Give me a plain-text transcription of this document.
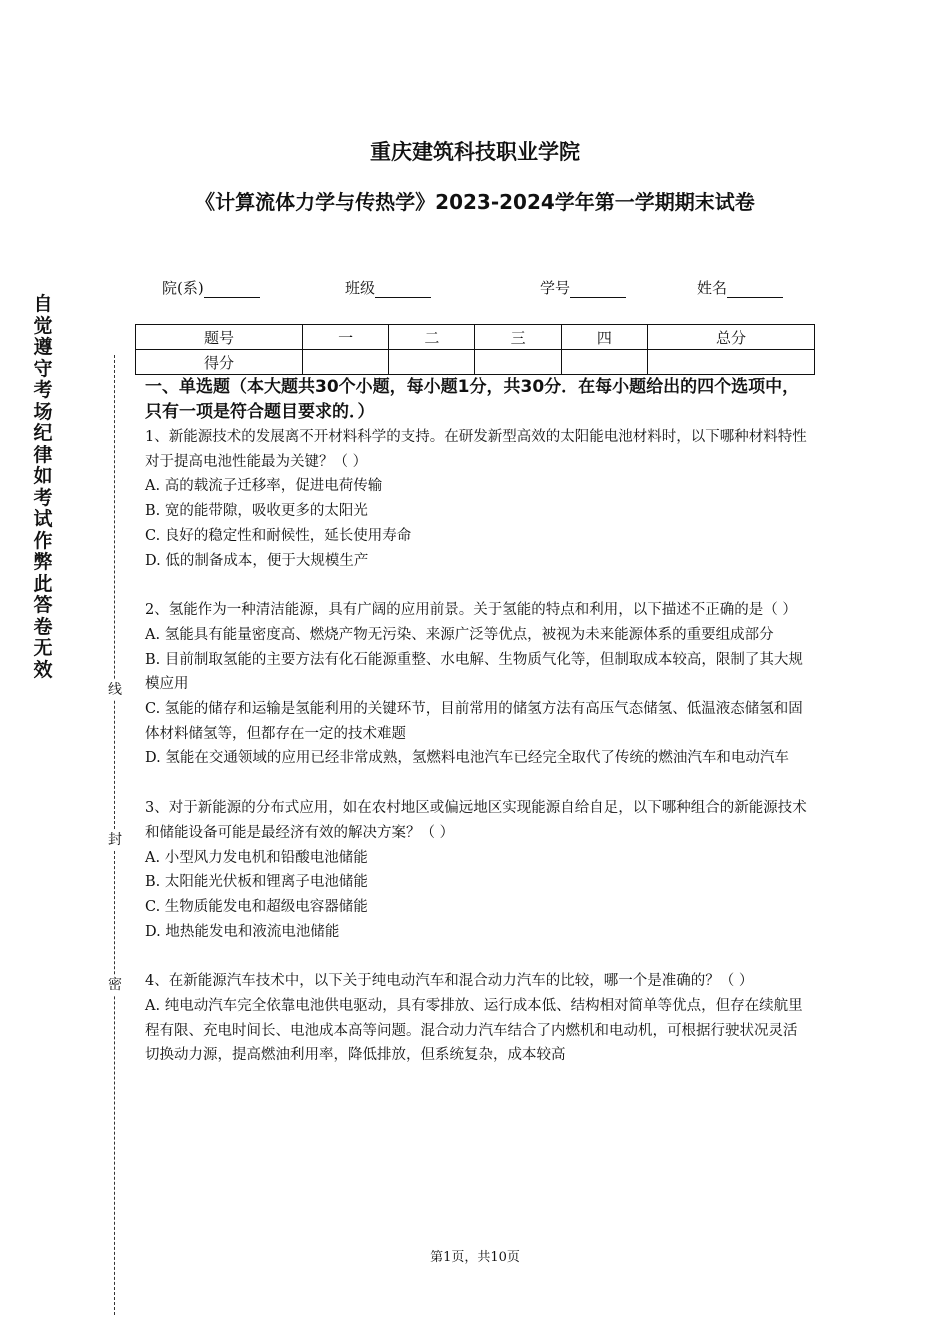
重庆建筑科技职业学院
《计算流体力学与传热学》2023-2024学年第一学期期末试卷
院(系)	班级	学号	姓名
题号	一	二	三	四	总分
得分					
自觉遵守考场纪律如考试作弊此答卷无效
线
封
密
一、单选题（本大题共30个小题，每小题1分，共30分．在每小题给出的四个选项中，只有一项是符合题目要求的．）
1、新能源技术的发展离不开材料科学的支持。在研发新型高效的太阳能电池材料时，以下哪种材料特性对于提高电池性能最为关键？（ ）
A. 高的载流子迁移率，促进电荷传输
B. 宽的能带隙，吸收更多的太阳光
C. 良好的稳定性和耐候性，延长使用寿命
D. 低的制备成本，便于大规模生产
2、氢能作为一种清洁能源，具有广阔的应用前景。关于氢能的特点和利用，以下描述不正确的是（ ）
A. 氢能具有能量密度高、燃烧产物无污染、来源广泛等优点，被视为未来能源体系的重要组成部分
B. 目前制取氢能的主要方法有化石能源重整、水电解、生物质气化等，但制取成本较高，限制了其大规模应用
C. 氢能的储存和运输是氢能利用的关键环节，目前常用的储氢方法有高压气态储氢、低温液态储氢和固体材料储氢等，但都存在一定的技术难题
D. 氢能在交通领域的应用已经非常成熟，氢燃料电池汽车已经完全取代了传统的燃油汽车和电动汽车
3、对于新能源的分布式应用，如在农村地区或偏远地区实现能源自给自足，以下哪种组合的新能源技术和储能设备可能是最经济有效的解决方案？（ ）
A. 小型风力发电机和铅酸电池储能
B. 太阳能光伏板和锂离子电池储能
C. 生物质能发电和超级电容器储能
D. 地热能发电和液流电池储能
4、在新能源汽车技术中，以下关于纯电动汽车和混合动力汽车的比较，哪一个是准确的？（ ）
A. 纯电动汽车完全依靠电池供电驱动，具有零排放、运行成本低、结构相对简单等优点，但存在续航里程有限、充电时间长、电池成本高等问题。混合动力汽车结合了内燃机和电动机，可根据行驶状况灵活切换动力源，提高燃油利用率，降低排放，但系统复杂，成本较高
第1页，共10页
